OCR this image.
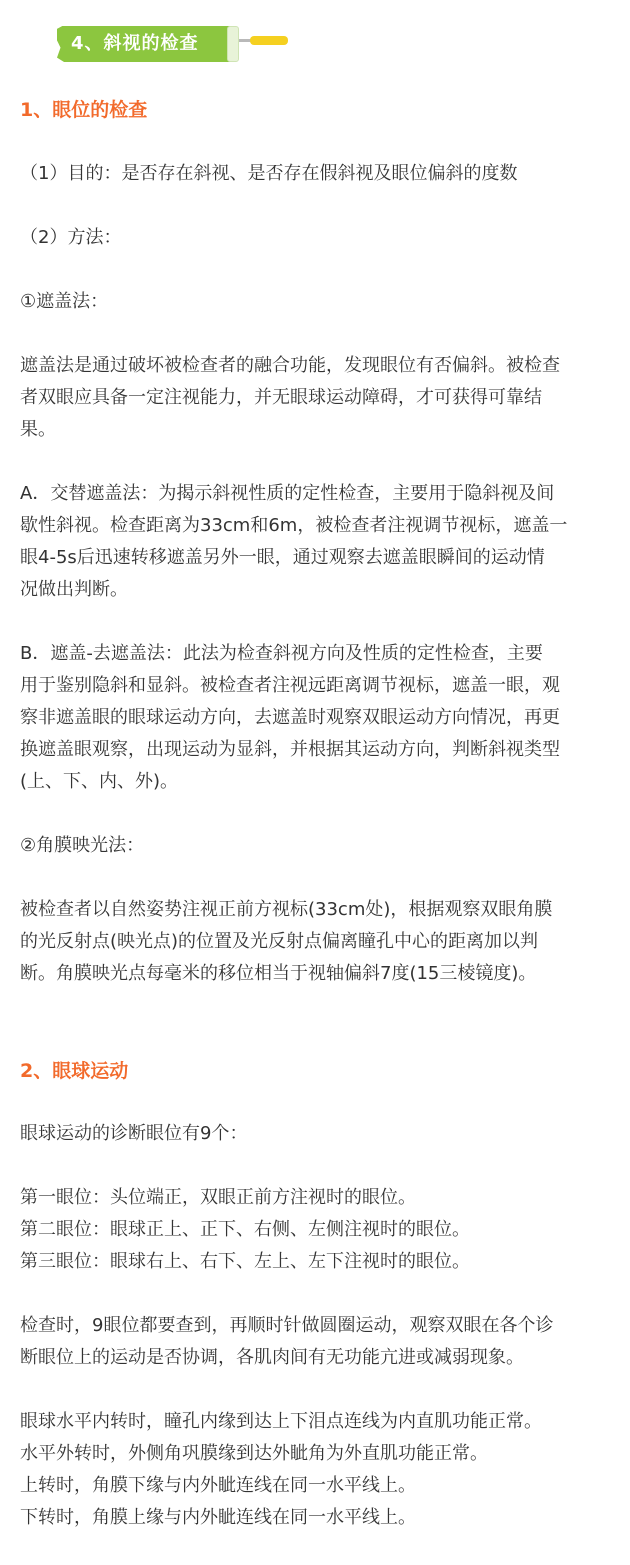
4、斜视的检查
1、眼位的检查

（1）目的：是否存在斜视、是否存在假斜视及眼位偏斜的度数

（2）方法：

①遮盖法：

遮盖法是通过破坏被检查者的融合功能，发现眼位有否偏斜。被检查
者双眼应具备一定注视能力，并无眼球运动障碍，才可获得可靠结
果。

A．交替遮盖法：为揭示斜视性质的定性检查，主要用于隐斜视及间
歇性斜视。检查距离为33cm和6m，被检查者注视调节视标，遮盖一
眼4-5s后迅速转移遮盖另外一眼，通过观察去遮盖眼瞬间的运动情
况做出判断。

B．遮盖-去遮盖法：此法为检查斜视方向及性质的定性检查，主要
用于鉴别隐斜和显斜。被检查者注视远距离调节视标，遮盖一眼，观
察非遮盖眼的眼球运动方向，去遮盖时观察双眼运动方向情况，再更
换遮盖眼观察，出现运动为显斜，并根据其运动方向，判断斜视类型
(上、下、内、外)。

②角膜映光法：

被检查者以自然姿势注视正前方视标(33cm处)，根据观察双眼角膜
的光反射点(映光点)的位置及光反射点偏离瞳孔中心的距离加以判
断。角膜映光点每毫米的移位相当于视轴偏斜7度(15三棱镜度)。

2、眼球运动

眼球运动的诊断眼位有9个：

第一眼位：头位端正，双眼正前方注视时的眼位。
第二眼位：眼球正上、正下、右侧、左侧注视时的眼位。
第三眼位：眼球右上、右下、左上、左下注视时的眼位。

检查时，9眼位都要查到，再顺时针做圆圈运动，观察双眼在各个诊
断眼位上的运动是否协调，各肌肉间有无功能亢进或减弱现象。

眼球水平内转时，瞳孔内缘到达上下泪点连线为内直肌功能正常。
水平外转时，外侧角巩膜缘到达外眦角为外直肌功能正常。
上转时，角膜下缘与内外眦连线在同一水平线上。
下转时，角膜上缘与内外眦连线在同一水平线上。
